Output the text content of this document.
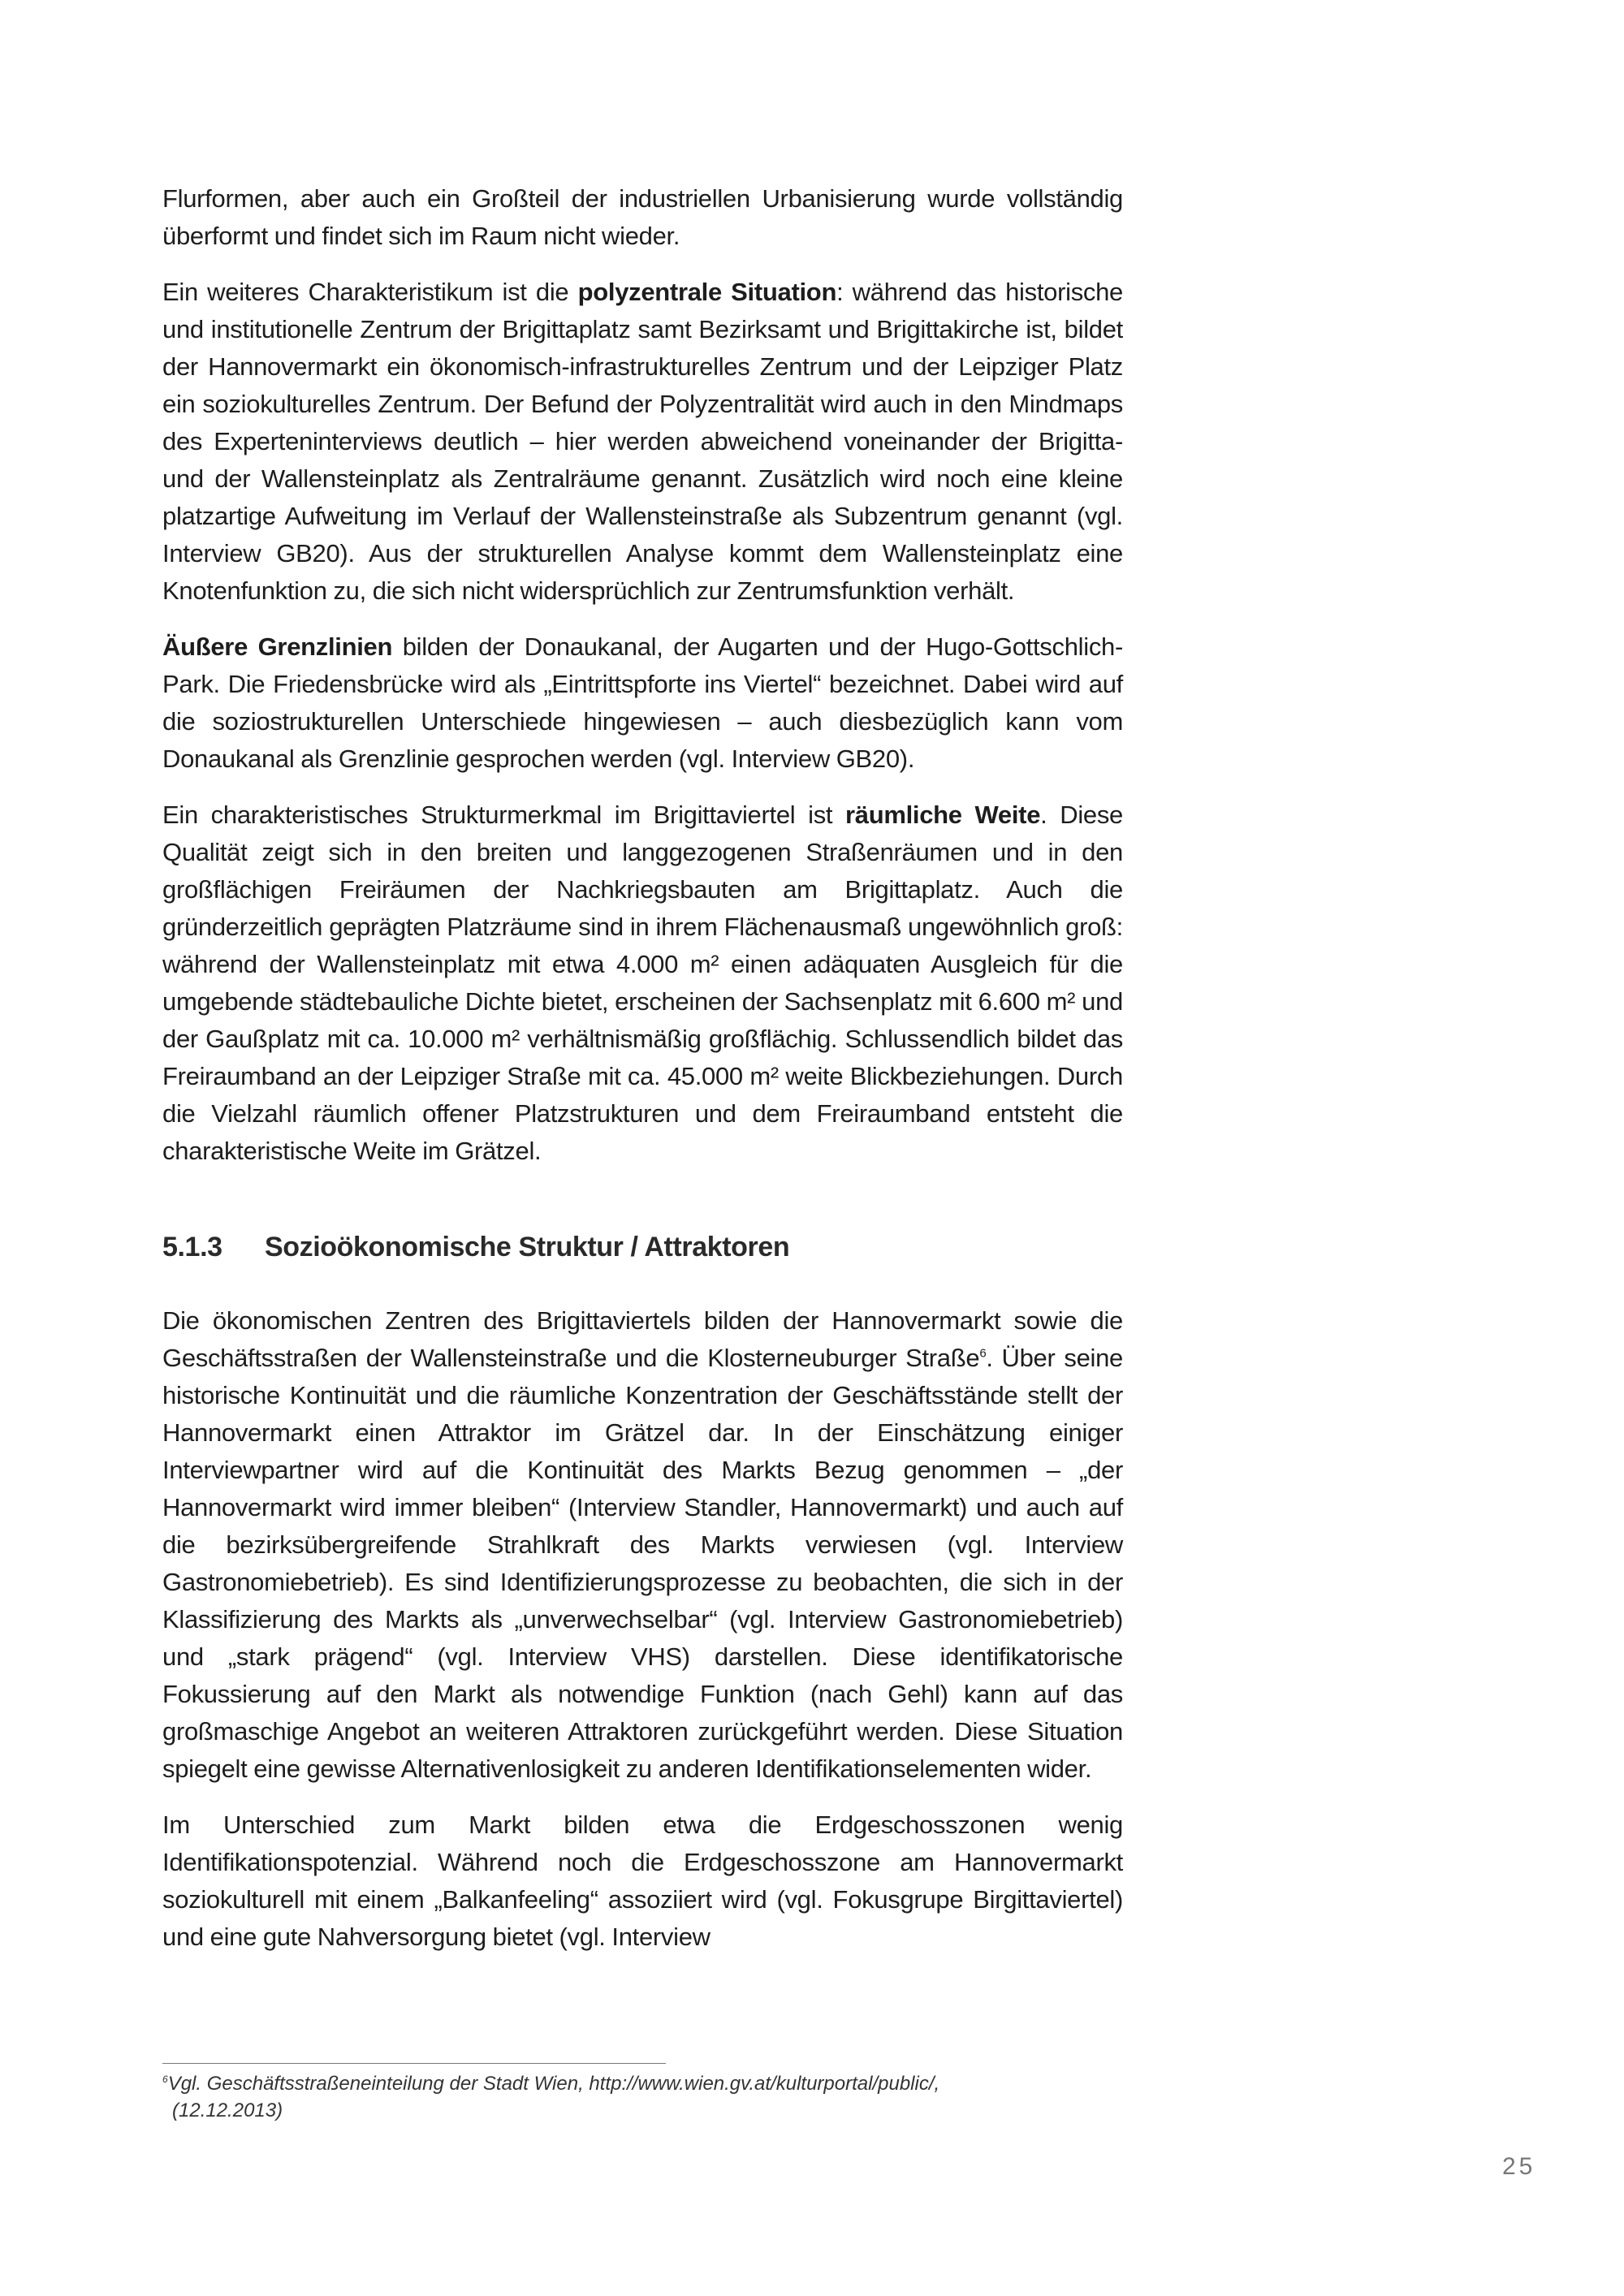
Flurformen, aber auch ein Großteil der industriellen Urbanisierung wurde vollständig überformt und findet sich im Raum nicht wieder.

Ein weiteres Charakteristikum ist die polyzentrale Situation: während das historische und institutionelle Zentrum der Brigittaplatz samt Bezirksamt und Brigittakirche ist, bildet der Hannovermarkt ein ökonomisch-infrastrukturelles Zentrum und der Leipziger Platz ein soziokulturelles Zentrum. Der Befund der Polyzentralität wird auch in den Mindmaps des Experteninterviews deutlich – hier werden abweichend voneinander der Brigitta- und der Wallensteinplatz als Zentralräume genannt. Zusätzlich wird noch eine kleine platzartige Aufweitung im Verlauf der Wallensteinstraße als Subzentrum genannt (vgl. Interview GB20). Aus der strukturellen Analyse kommt dem Wallensteinplatz eine Knotenfunktion zu, die sich nicht widersprüchlich zur Zentrumsfunktion verhält.

Äußere Grenzlinien bilden der Donaukanal, der Augarten und der Hugo-Gottschlich-Park. Die Friedensbrücke wird als „Eintrittspforte ins Viertel“ bezeichnet. Dabei wird auf die soziostrukturellen Unterschiede hingewiesen – auch diesbezüglich kann vom Donaukanal als Grenzlinie gesprochen werden (vgl. Interview GB20).

Ein charakteristisches Strukturmerkmal im Brigittaviertel ist räumliche Weite. Diese Qualität zeigt sich in den breiten und langgezogenen Straßenräumen und in den großflächigen Freiräumen der Nachkriegsbauten am Brigittaplatz. Auch die gründerzeitlich geprägten Platzräume sind in ihrem Flächenausmaß ungewöhnlich groß: während der Wallensteinplatz mit etwa 4.000 m² einen adäquaten Ausgleich für die umgebende städtebauliche Dichte bietet, erscheinen der Sachsenplatz mit 6.600 m² und der Gaußplatz mit ca. 10.000 m² verhältnismäßig großflächig. Schlussendlich bildet das Freiraumband an der Leipziger Straße mit ca. 45.000 m² weite Blickbeziehungen. Durch die Vielzahl räumlich offener Platzstrukturen und dem Freiraumband entsteht die charakteristische Weite im Grätzel.

5.1.3	Sozioökonomische Struktur / Attraktoren

Die ökonomischen Zentren des Brigittaviertels bilden der Hannovermarkt sowie die Geschäftsstraßen der Wallensteinstraße und die Klosterneuburger Straße$^6$. Über seine historische Kontinuität und die räumliche Konzentration der Geschäftsstände stellt der Hannovermarkt einen Attraktor im Grätzel dar. In der Einschätzung einiger Interviewpartner wird auf die Kontinuität des Markts Bezug genommen – „der Hannovermarkt wird immer bleiben“ (Interview Standler, Hannovermarkt) und auch auf die bezirksübergreifende Strahlkraft des Markts verwiesen (vgl. Interview Gastronomiebetrieb). Es sind Identifizierungsprozesse zu beobachten, die sich in der Klassifizierung des Markts als „unverwechselbar“ (vgl. Interview Gastronomiebetrieb) und „stark prägend“ (vgl. Interview VHS) darstellen. Diese identifikatorische Fokussierung auf den Markt als notwendige Funktion (nach Gehl) kann auf das großmaschige Angebot an weiteren Attraktoren zurückgeführt werden. Diese Situation spiegelt eine gewisse Alternativenlosigkeit zu anderen Identifikationselementen wider.

Im Unterschied zum Markt bilden etwa die Erdgeschosszonen wenig Identifikationspotenzial. Während noch die Erdgeschosszone am Hannovermarkt soziokulturell mit einem „Balkanfeeling“ assoziiert wird (vgl. Fokusgrupe Birgittaviertel) und eine gute Nahversorgung bietet (vgl. Interview

$^6$Vgl. Geschäftsstraßeneinteilung der Stadt Wien, http://www.wien.gv.at/kulturportal/public/,
(12.12.2013)
25
